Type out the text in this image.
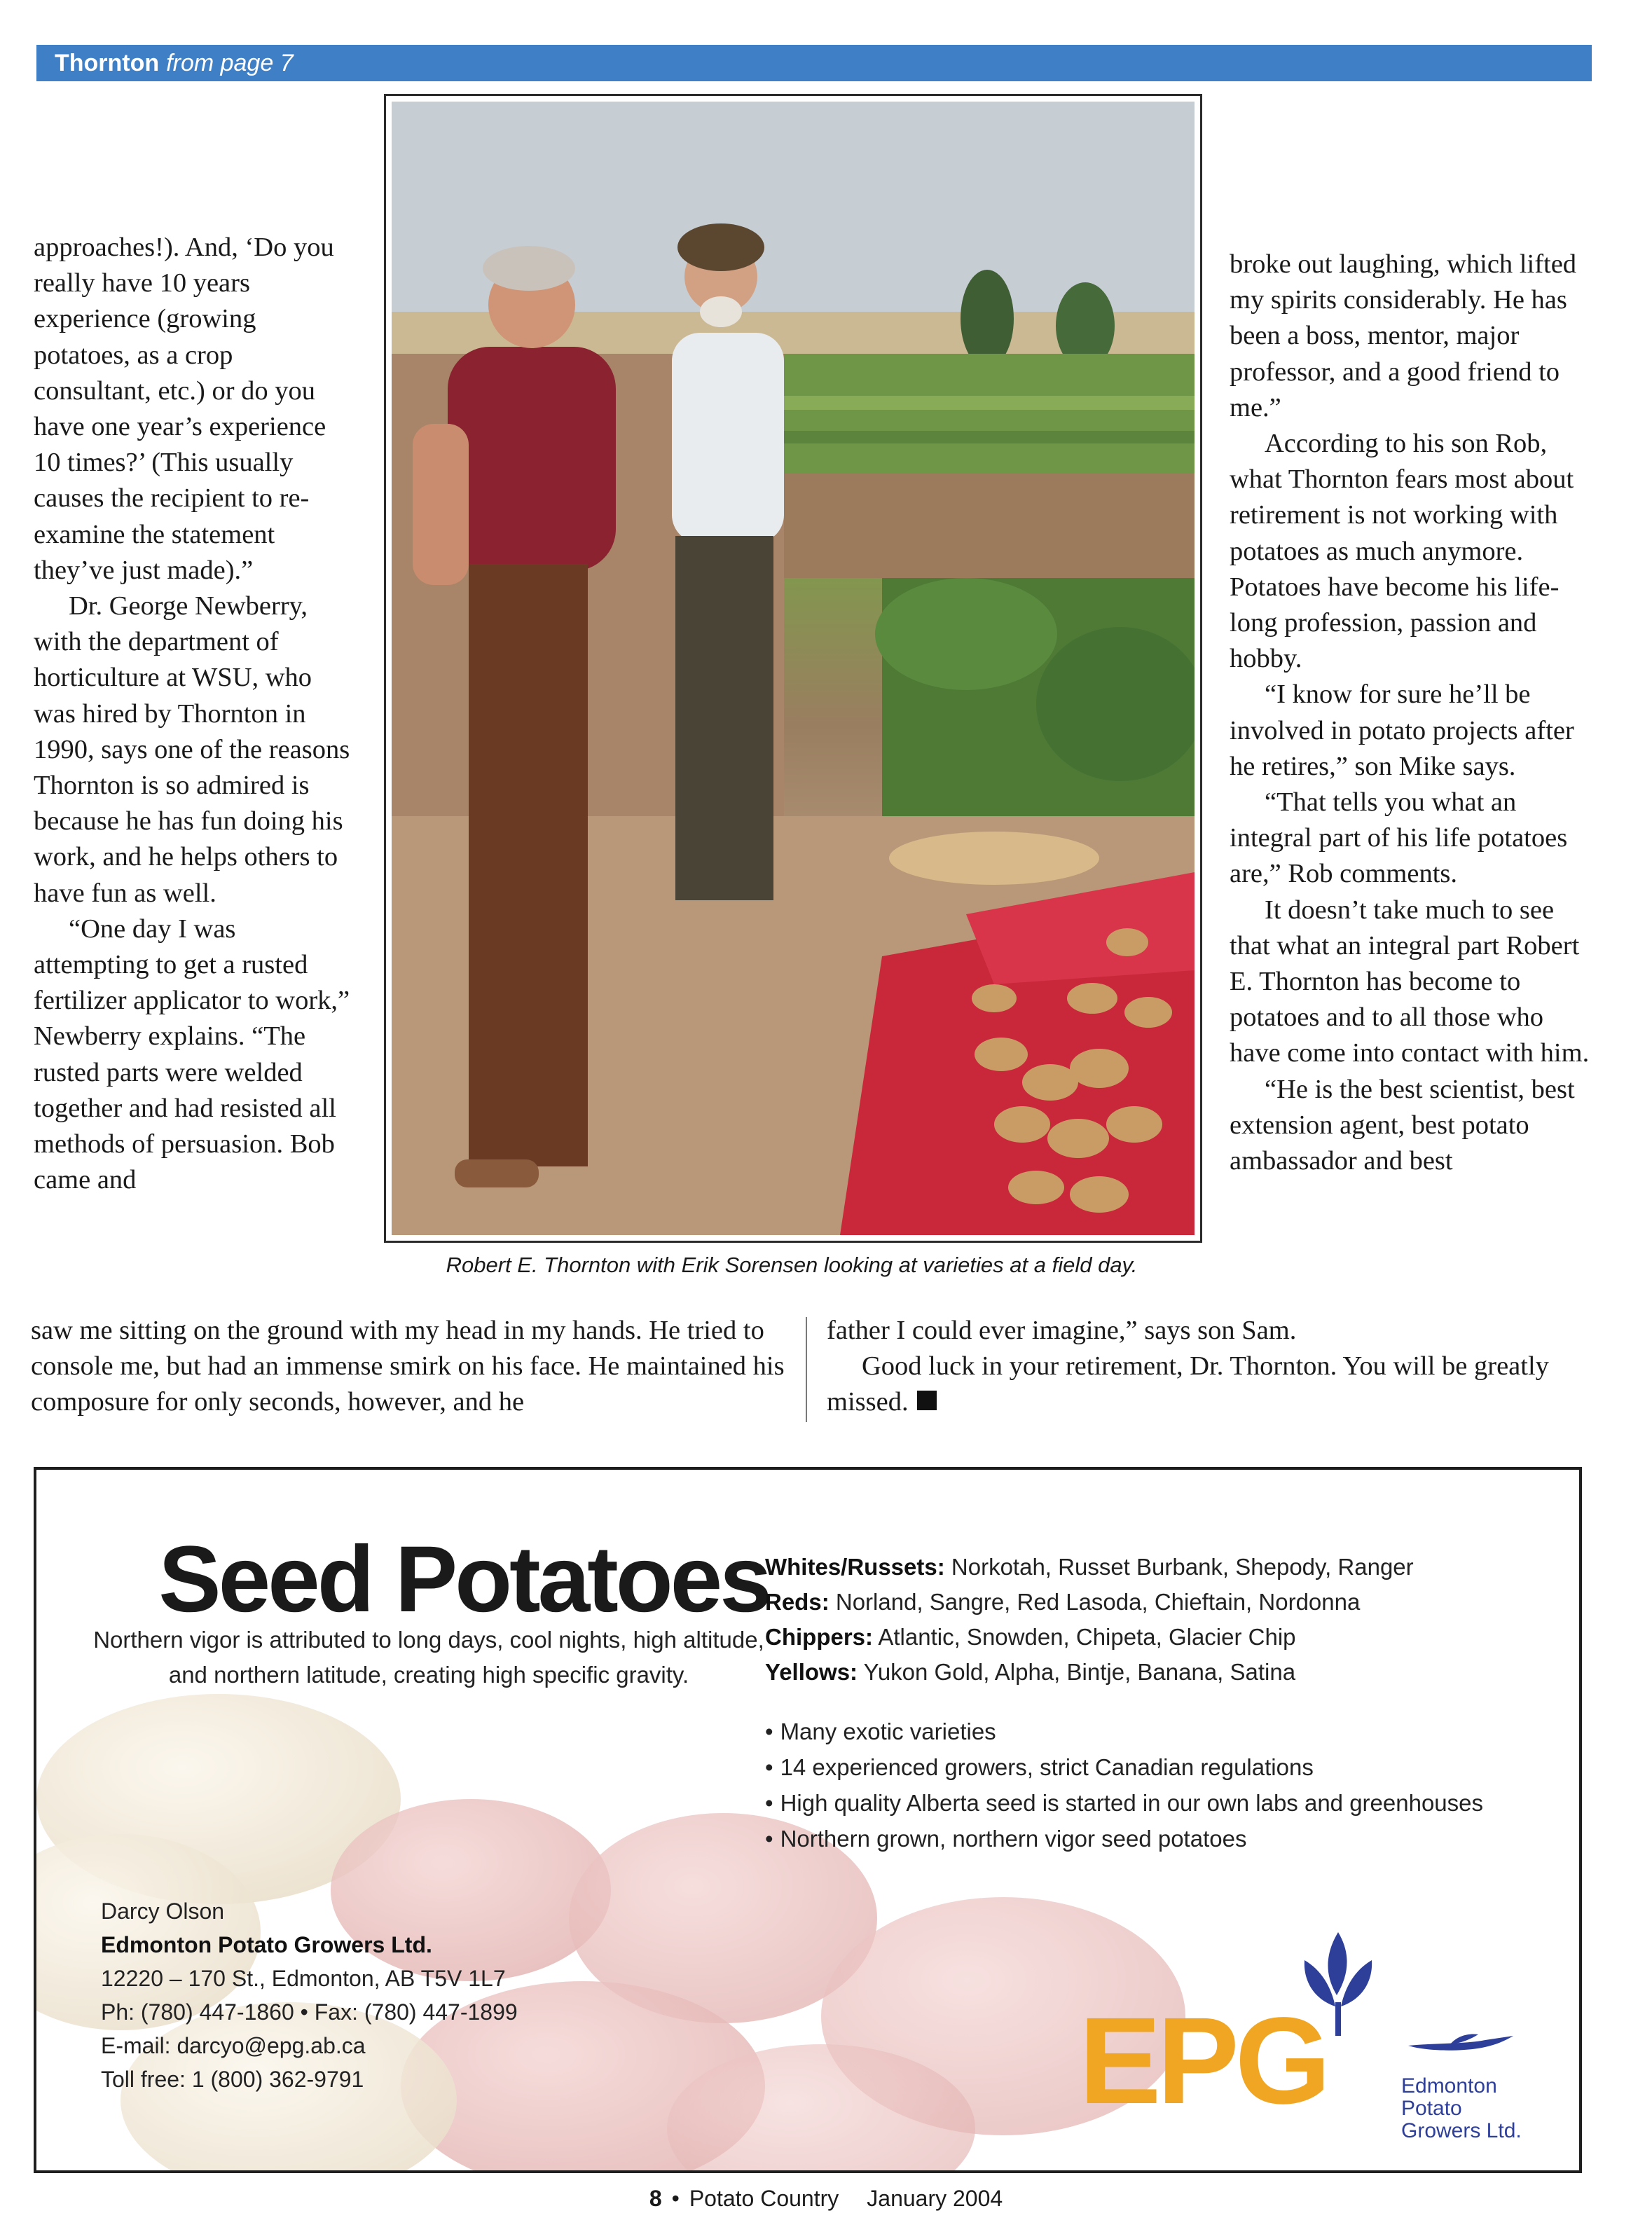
Thornton from page 7

approaches!). And, ‘Do you really have 10 years experience (growing potatoes, as a crop consultant, etc.) or do you have one year’s experience 10 times?’ (This usually causes the recipient to re-examine the statement they’ve just made).”

Dr. George Newberry, with the department of horticulture at WSU, who was hired by Thornton in 1990, says one of the reasons Thornton is so admired is because he has fun doing his work, and he helps others to have fun as well.

“One day I was attempting to get a rusted fertilizer applicator to work,” Newberry explains. “The rusted parts were welded together and had resisted all methods of persuasion. Bob came and

Robert E. Thornton with Erik Sorensen looking at varieties at a field day.

broke out laughing, which lifted my spirits considerably. He has been a boss, mentor, major professor, and a good friend to me.”

According to his son Rob, what Thornton fears most about retirement is not working with potatoes as much anymore. Potatoes have become his life-long profession, passion and hobby.

“I know for sure he’ll be involved in potato projects after he retires,” son Mike says.

“That tells you what an integral part of his life potatoes are,” Rob comments.

It doesn’t take much to see that what an integral part Robert E. Thornton has become to potatoes and to all those who have come into contact with him.

“He is the best scientist, best extension agent, best potato ambassador and best

saw me sitting on the ground with my head in my hands. He tried to console me, but had an immense smirk on his face. He maintained his composure for only seconds, however, and he

father I could ever imagine,” says son Sam.

Good luck in your retirement, Dr. Thornton. You will be greatly missed.

Seed Potatoes
Northern vigor is attributed to long days, cool nights, high altitude, and northern latitude, creating high specific gravity.
Whites/Russets: Norkotah, Russet Burbank, Shepody, Ranger
Reds: Norland, Sangre, Red Lasoda, Chieftain, Nordonna
Chippers: Atlantic, Snowden, Chipeta, Glacier Chip
Yellows: Yukon Gold, Alpha, Bintje, Banana, Satina
• Many exotic varieties
• 14 experienced growers, strict Canadian regulations
• High quality Alberta seed is started in our own labs and greenhouses
• Northern grown, northern vigor seed potatoes
Darcy Olson
Edmonton Potato Growers Ltd.
12220 – 170 St., Edmonton, AB T5V 1L7
Ph: (780) 447-1860 • Fax: (780) 447-1899
E-mail: darcyo@epg.ab.ca
Toll free: 1 (800) 362-9791	EPG	Edmonton
Potato
Growers Ltd.
8 • Potato Country January 2004
